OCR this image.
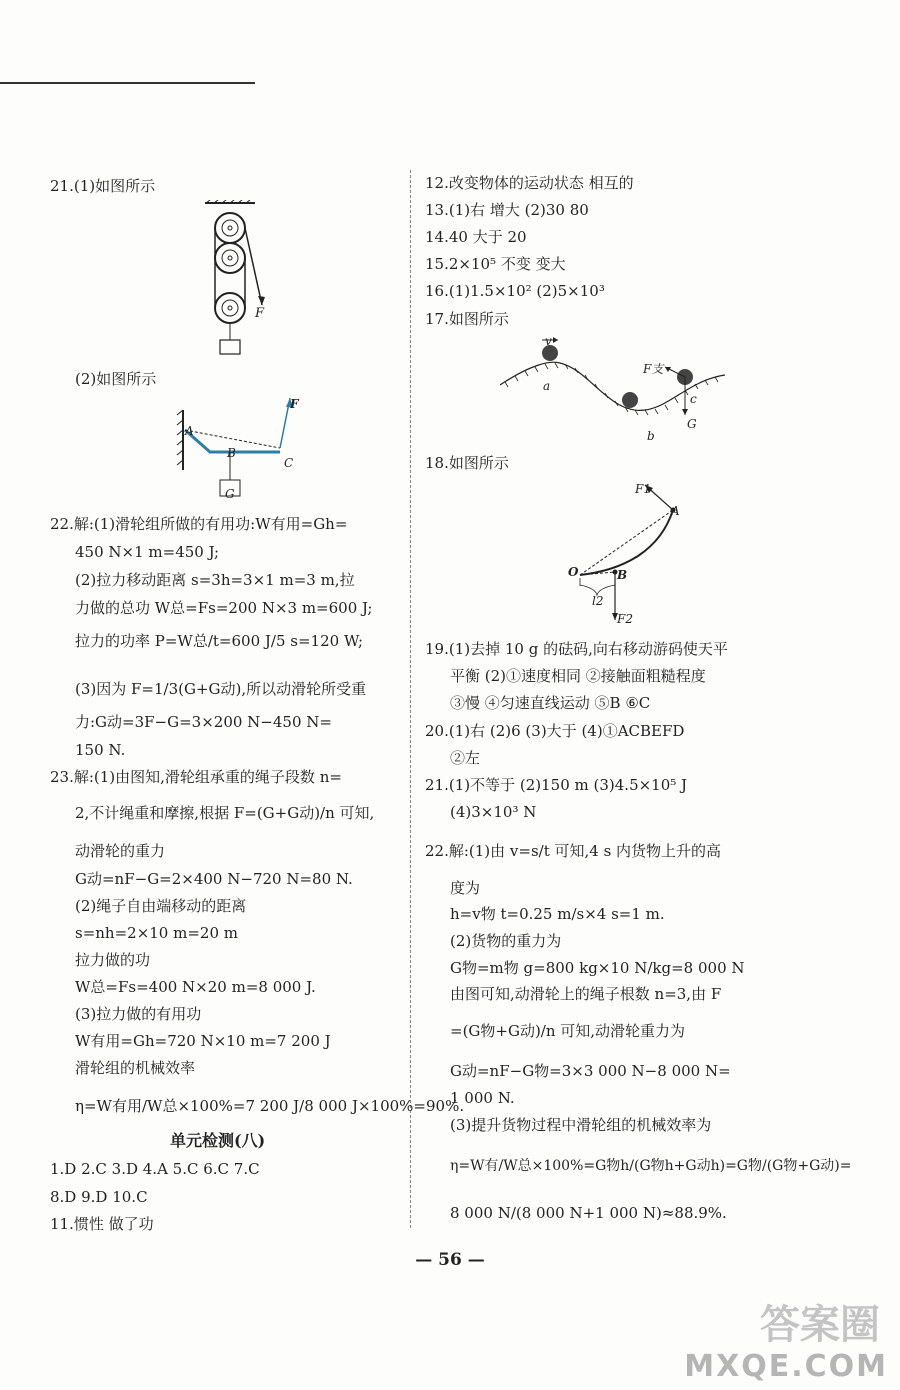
21.(1)如图所示
F
(2)如图所示
F
A
B
C
G
22.解:(1)滑轮组所做的有用功:W有用=Gh=
450 N×1 m=450 J;
(2)拉力移动距离 s=3h=3×1 m=3 m,拉
力做的总功 W总=Fs=200 N×3 m=600 J;
拉力的功率 P=W总/t=600 J/5 s=120 W;
(3)因为 F=1/3(G+G动),所以动滑轮所受重
力:G动=3F−G=3×200 N−450 N=
150 N.
23.解:(1)由图知,滑轮组承重的绳子段数 n=
2,不计绳重和摩擦,根据 F=(G+G动)/n 可知,
动滑轮的重力
G动=nF−G=2×400 N−720 N=80 N.
(2)绳子自由端移动的距离
s=nh=2×10 m=20 m
拉力做的功
W总=Fs=400 N×20 m=8 000 J.
(3)拉力做的有用功
W有用=Gh=720 N×10 m=7 200 J
滑轮组的机械效率
η=W有用/W总×100%=7 200 J/8 000 J×100%=90%.
单元检测(八)
1.D 2.C 3.D 4.A 5.C 6.C 7.C
8.D 9.D 10.C
11.惯性 做了功
12.改变物体的运动状态 相互的
13.(1)右 增大 (2)30 80
14.40 大于 20
15.2×10⁵ 不变 变大
16.(1)1.5×10² (2)5×10³
17.如图所示
v
a
b
c
F支
G
18.如图所示
F1
A
O	B
l2
F2
19.(1)去掉 10 g 的砝码,向右移动游码使天平
平衡 (2)①速度相同 ②接触面粗糙程度
③慢 ④匀速直线运动 ⑤B ⑥C
20.(1)右 (2)6 (3)大于 (4)①ACBEFD
②左
21.(1)不等于 (2)150 m (3)4.5×10⁵ J
(4)3×10³ N
22.解:(1)由 v=s/t 可知,4 s 内货物上升的高
度为
h=v物 t=0.25 m/s×4 s=1 m.
(2)货物的重力为
G物=m物 g=800 kg×10 N/kg=8 000 N
由图可知,动滑轮上的绳子根数 n=3,由 F
=(G物+G动)/n 可知,动滑轮重力为
G动=nF−G物=3×3 000 N−8 000 N=
1 000 N.
(3)提升货物过程中滑轮组的机械效率为
η=W有/W总×100%=G物h/(G物h+G动h)=G物/(G物+G动)=
8 000 N/(8 000 N+1 000 N)≈88.9%.
— 56 —
答案圈
MXQE.COM
